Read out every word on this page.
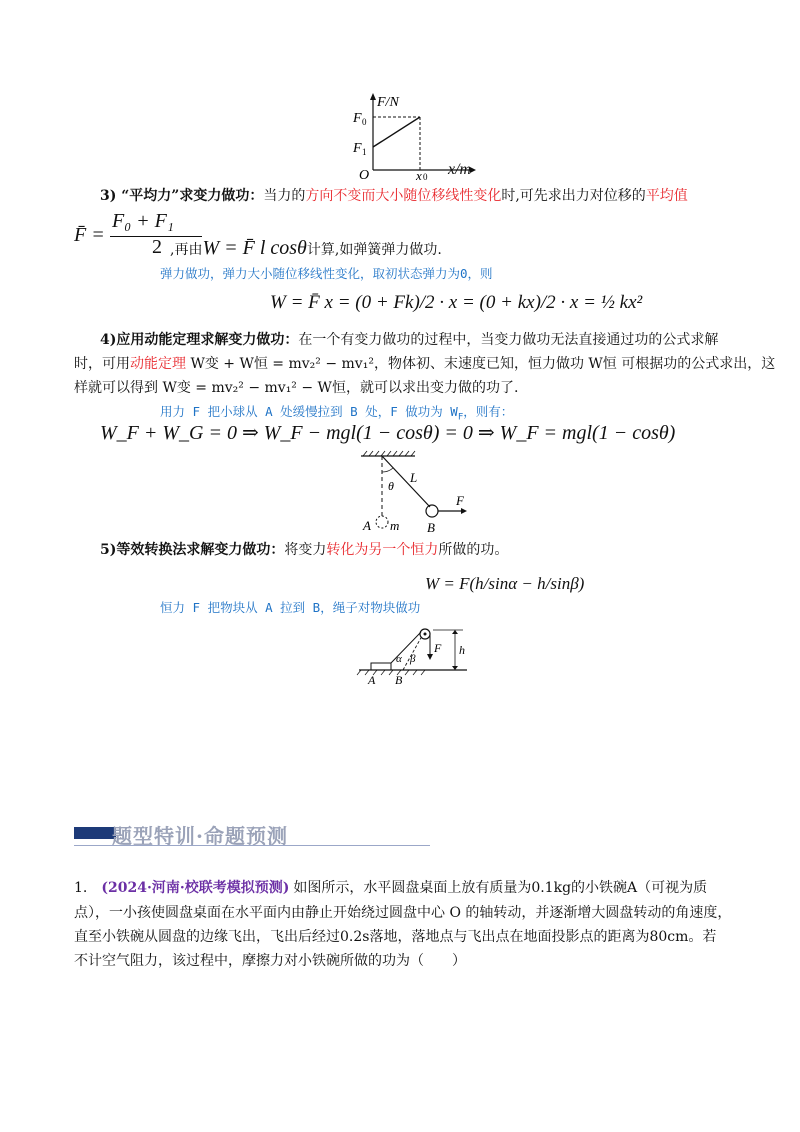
F/N
F 0
F 1
O	x 0 x/m
3) “平均力”求变力做功：当力的方向不变而大小随位移线性变化时,可先求出力对位移的平均值
F̄ =
F₀ + F₁
2 ,再由W = F̄ l cosθ计算,如弹簧弹力做功.
弹力做功，弹力大小随位移线性变化，取初状态弹力为0，则
W = F̄ x = (0 + Fk)/2 · x = (0 + kx)/2 · x = ½ kx²
4)应用动能定理求解变力做功：在一个有变力做功的过程中，当变力做功无法直接通过功的公式求解
时，可用动能定理 W变 + W恒 = mv₂² − mv₁²，物体初、末速度已知，恒力做功 W恒 可根据功的公式求出，这
样就可以得到 W变 = mv₂² − mv₁² − W恒，就可以求出变力做的功了.
用力 F 把小球从 A 处缓慢拉到 B 处，F 做功为 $W_F$，则有：
W_F + W_G = 0 ⇒ W_F − mgl(1 − cosθ) = 0 ⇒ W_F = mgl(1 − cosθ)
L
θ
F
A m B
5)等效转换法求解变力做功：将变力转化为另一个恒力所做的功。
W = F(h/sinα − h/sinβ)
恒力 F 把物块从 A 拉到 B，绳子对物块做功
F h
α β
A B
题型特训·命题预测
1. (2024·河南·校联考模拟预测) 如图所示，水平圆盘桌面上放有质量为0.1kg的小铁碗A（可视为质
点），一小孩使圆盘桌面在水平面内由静止开始绕过圆盘中心 O 的轴转动，并逐渐增大圆盘转动的角速度，
直至小铁碗从圆盘的边缘飞出，飞出后经过0.2s落地，落地点与飞出点在地面投影点的距离为80cm。若
不计空气阻力，该过程中，摩擦力对小铁碗所做的功为（　　）
